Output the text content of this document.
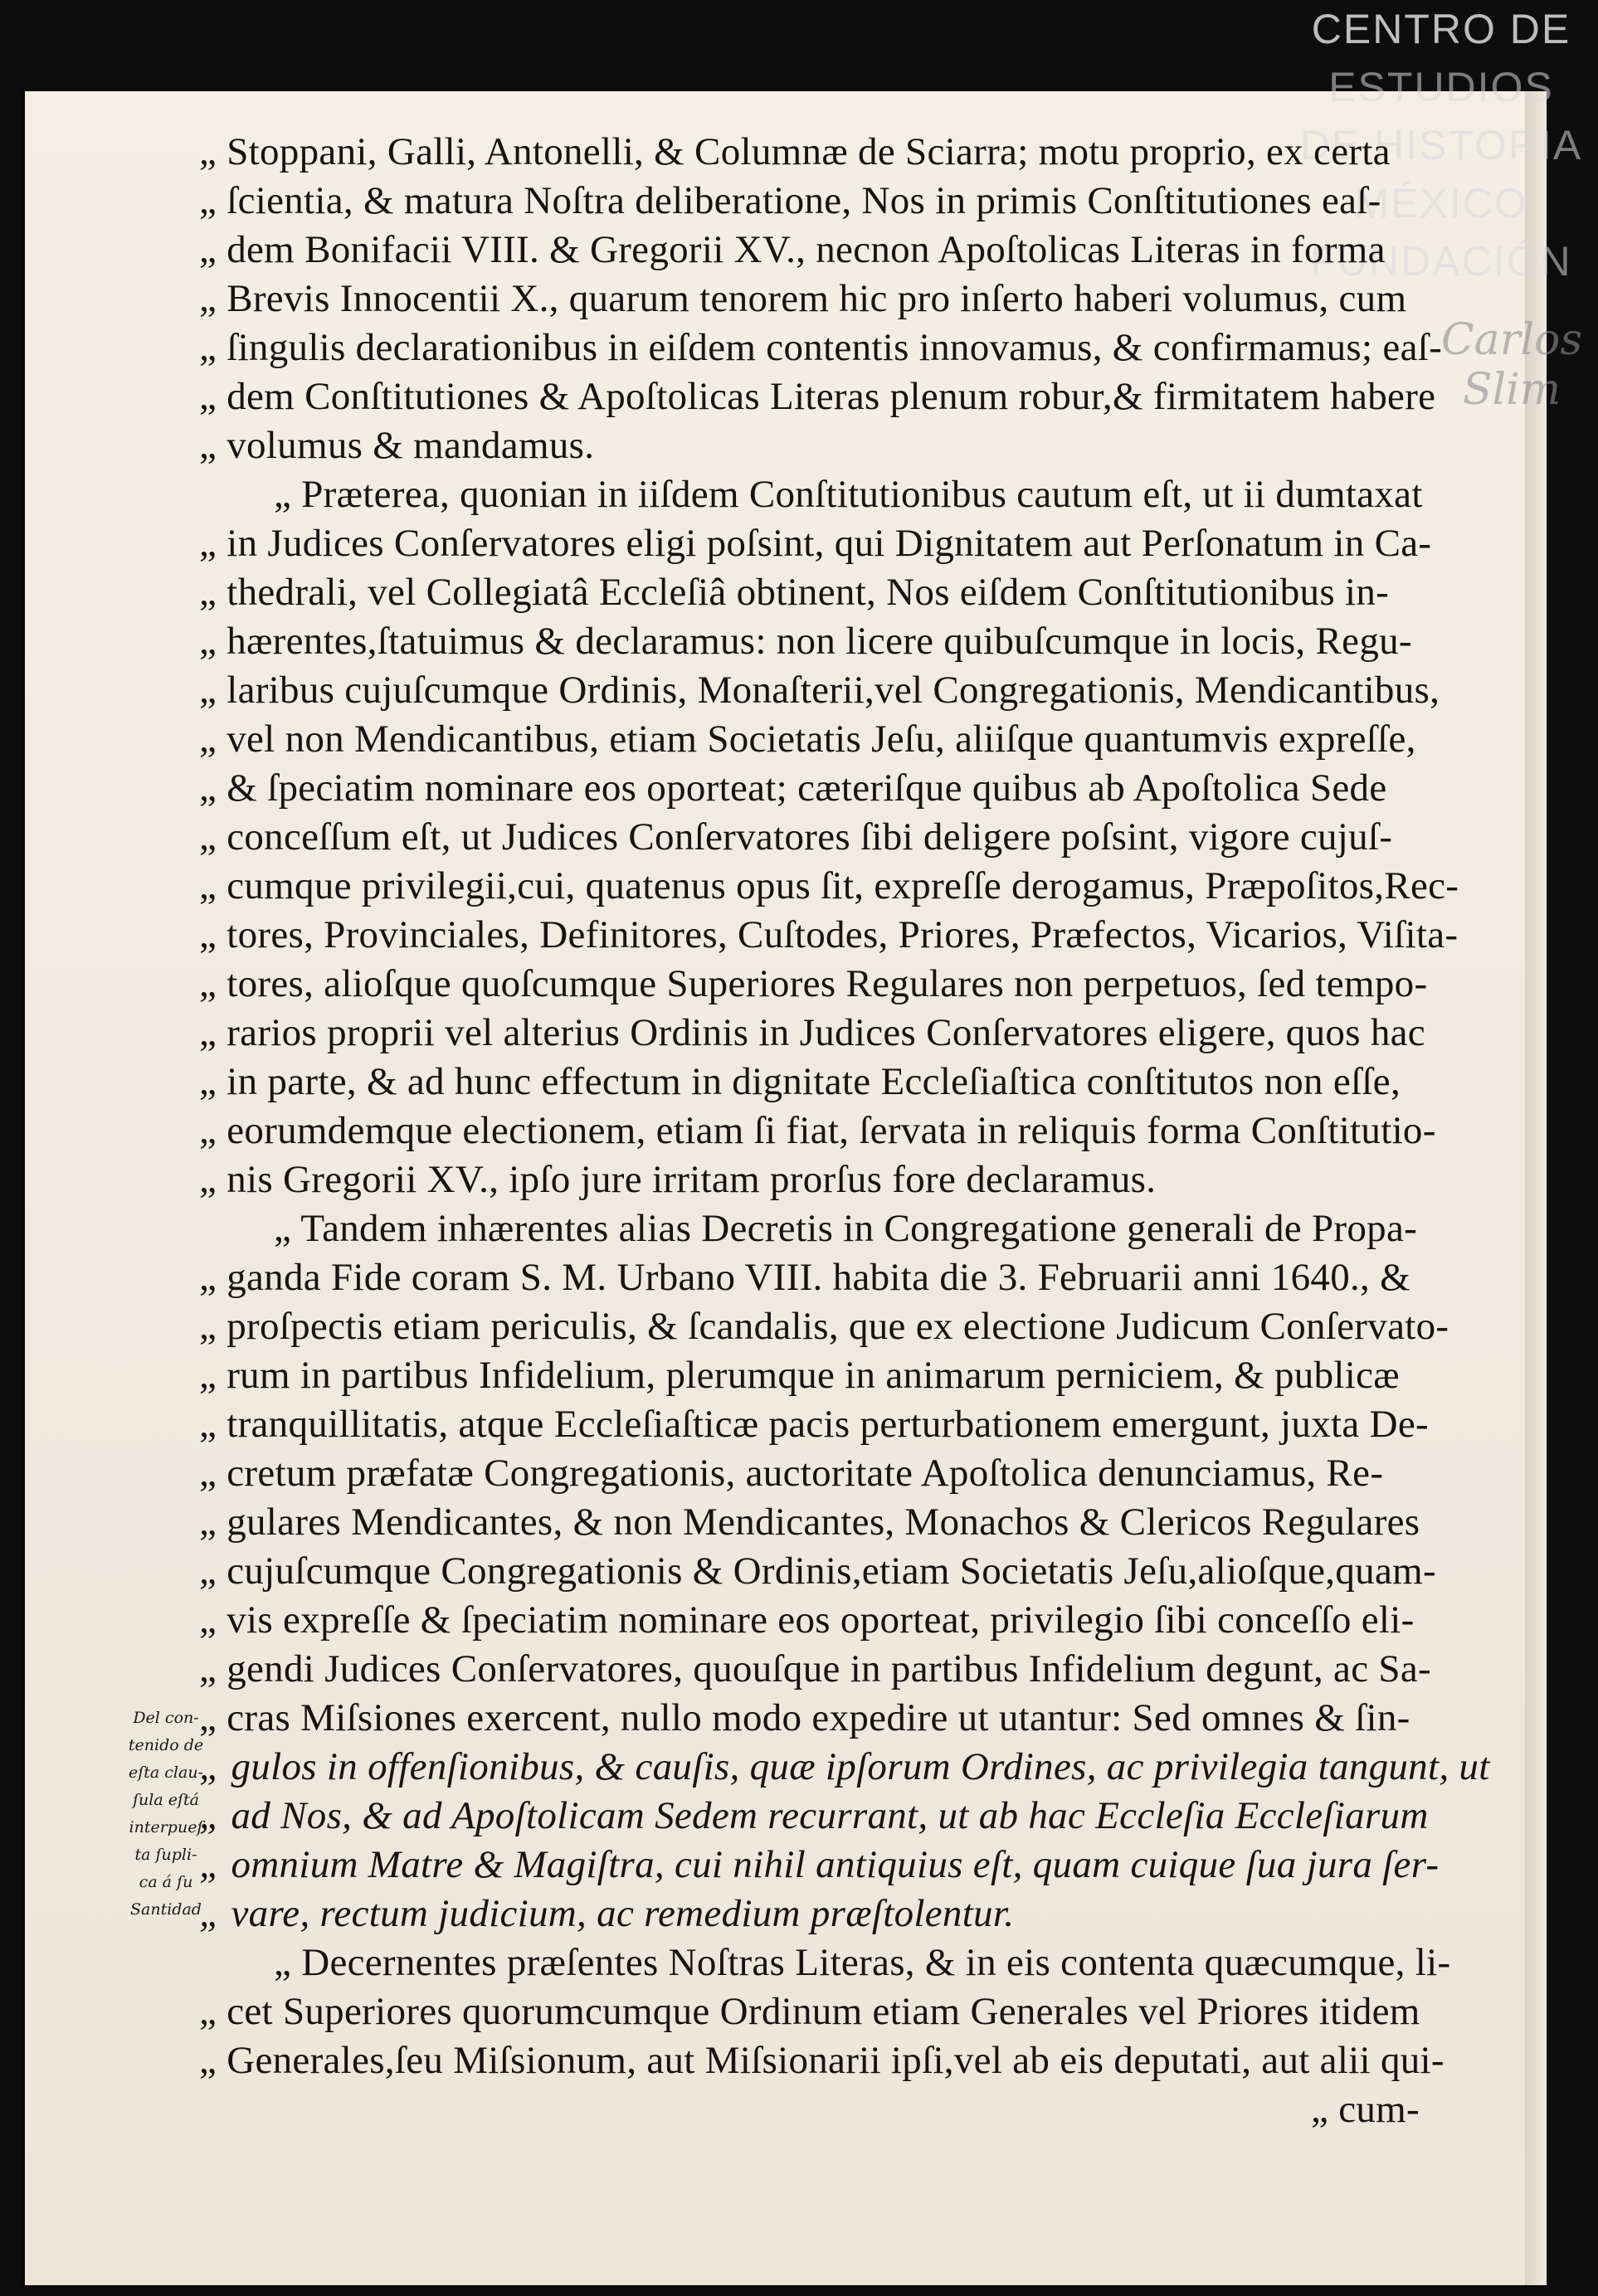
CENTRO DE
ESTUDIOS
DE HISTORIA
MÉXICO
FUNDACIÓN
Carlos Slim
„ Stoppani, Galli, Antonelli, & Columnæ de Sciarra; motu proprio, ex certa
„ ſcientia, & matura Noſtra deliberatione, Nos in primis Conſtitutiones eaſ-
„ dem Bonifacii VIII. & Gregorii XV., necnon Apoſtolicas Literas in forma
„ Brevis Innocentii X., quarum tenorem hic pro inſerto haberi volumus, cum
„ ſingulis declarationibus in eiſdem contentis innovamus, & confirmamus; eaſ-
„ dem Conſtitutiones & Apoſtolicas Literas plenum robur,& firmitatem habere
„ volumus & mandamus.
„ Præterea, quonian in iiſdem Conſtitutionibus cautum eſt, ut ii dumtaxat
„ in Judices Conſervatores eligi poſsint, qui Dignitatem aut Perſonatum in Ca-
„ thedrali, vel Collegiatâ Eccleſiâ obtinent, Nos eiſdem Conſtitutionibus in-
„ hærentes,ſtatuimus & declaramus: non licere quibuſcumque in locis, Regu-
„ laribus cujuſcumque Ordinis, Monaſterii,vel Congregationis, Mendicantibus,
„ vel non Mendicantibus, etiam Societatis Jeſu, aliiſque quantumvis expreſſe,
„ & ſpeciatim nominare eos oporteat; cæteriſque quibus ab Apoſtolica Sede
„ conceſſum eſt, ut Judices Conſervatores ſibi deligere poſsint, vigore cujuſ-
„ cumque privilegii,cui, quatenus opus ſit, expreſſe derogamus, Præpoſitos,Rec-
„ tores, Provinciales, Definitores, Cuſtodes, Priores, Præfectos, Vicarios, Viſita-
„ tores, alioſque quoſcumque Superiores Regulares non perpetuos, ſed tempo-
„ rarios proprii vel alterius Ordinis in Judices Conſervatores eligere, quos hac
„ in parte, & ad hunc effectum in dignitate Eccleſiaſtica conſtitutos non eſſe,
„ eorumdemque electionem, etiam ſi fiat, ſervata in reliquis forma Conſtitutio-
„ nis Gregorii XV., ipſo jure irritam prorſus fore declaramus.
„ Tandem inhærentes alias Decretis in Congregatione generali de Propa-
„ ganda Fide coram S. M. Urbano VIII. habita die 3. Februarii anni 1640., &
„ proſpectis etiam periculis, & ſcandalis, que ex electione Judicum Conſervato-
„ rum in partibus Infidelium, plerumque in animarum perniciem, & publicæ
„ tranquillitatis, atque Eccleſiaſticæ pacis perturbationem emergunt, juxta De-
„ cretum præfatæ Congregationis, auctoritate Apoſtolica denunciamus, Re-
„ gulares Mendicantes, & non Mendicantes, Monachos & Clericos Regulares
„ cujuſcumque Congregationis & Ordinis,etiam Societatis Jeſu,alioſque,quam-
„ vis expreſſe & ſpeciatim nominare eos oporteat, privilegio ſibi conceſſo eli-
„ gendi Judices Conſervatores, quouſque in partibus Infidelium degunt, ac Sa-
„ cras Miſsiones exercent, nullo modo expedire ut utantur: Sed omnes & ſin-
„ gulos in offenſionibus, & cauſis, quæ ipſorum Ordines, ac privilegia tangunt, ut
„ ad Nos, & ad Apoſtolicam Sedem recurrant, ut ab hac Eccleſia Eccleſiarum
„ omnium Matre & Magiſtra, cui nihil antiquius eſt, quam cuique ſua jura ſer-
„ vare, rectum judicium, ac remedium præſtolentur.
„ Decernentes præſentes Noſtras Literas, & in eis contenta quæcumque, li-
„ cet Superiores quorumcumque Ordinum etiam Generales vel Priores itidem
„ Generales,ſeu Miſsionum, aut Miſsionarii ipſi,vel ab eis deputati, aut alii qui-
„ cum-
Del con-
tenido de
eſta clau-
ſula eſtá
interpueſ
ta ſupli-
ca á ſu
Santidad
